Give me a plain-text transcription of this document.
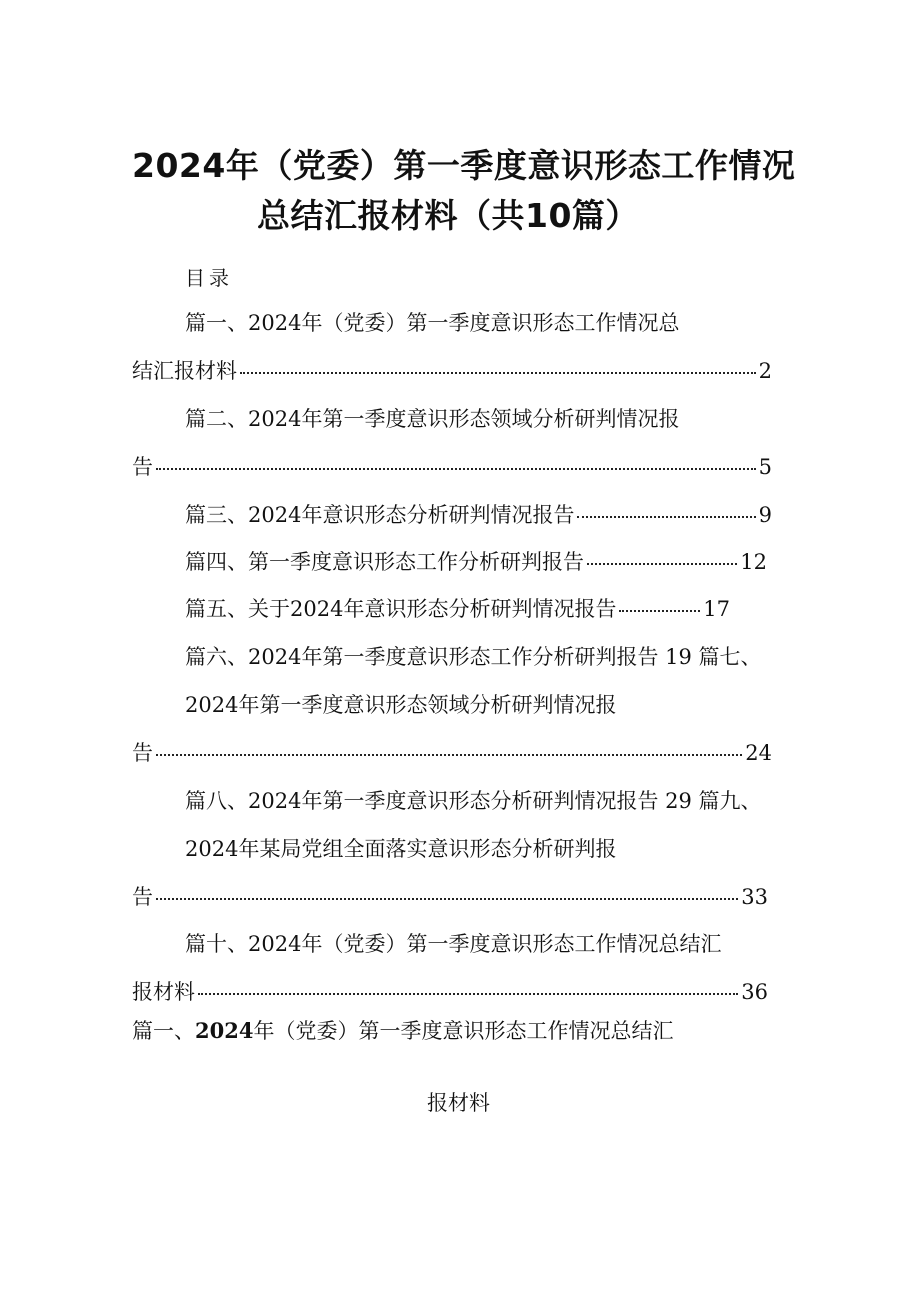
2024年（党委）第一季度意识形态工作情况
总结汇报材料（共10篇）
目录
篇一、2024年（党委）第一季度意识形态工作情况总
结汇报材料	2
篇二、2024年第一季度意识形态领域分析研判情况报
告	5
篇三、2024年意识形态分析研判情况报告	9
篇四、第一季度意识形态工作分析研判报告	12
篇五、关于2024年意识形态分析研判情况报告	17
篇六、2024年第一季度意识形态工作分析研判报告 19 篇七、
2024年第一季度意识形态领域分析研判情况报
告	24
篇八、2024年第一季度意识形态分析研判情况报告 29 篇九、
2024年某局党组全面落实意识形态分析研判报
告	33
篇十、2024年（党委）第一季度意识形态工作情况总结汇
报材料	36
篇一、2024年（党委）第一季度意识形态工作情况总结汇
报材料
